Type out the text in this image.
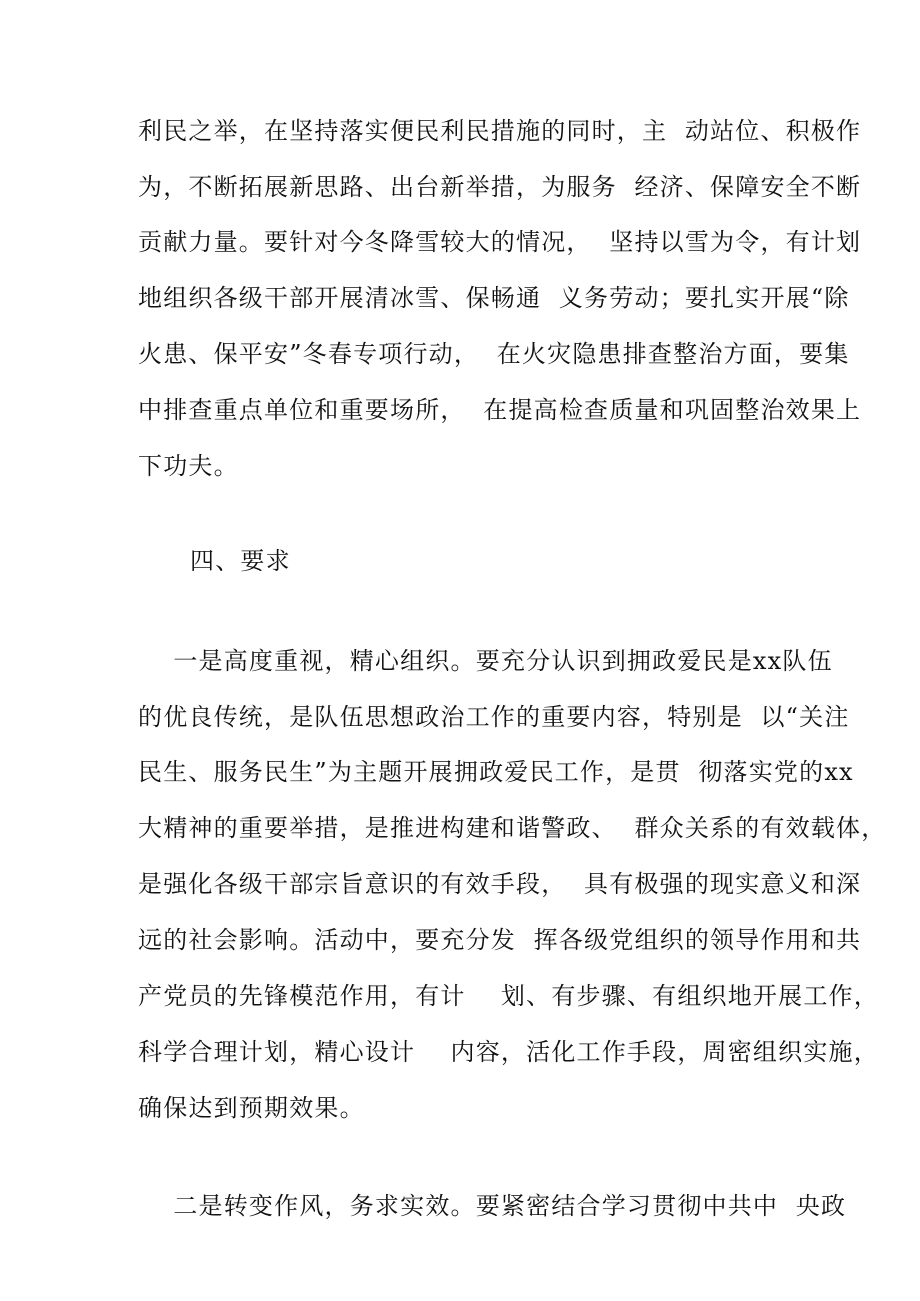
利民之举，在坚持落实便民利民措施的同时，主  动站位、积极作

为，不断拓展新思路、出台新举措，为服务  经济、保障安全不断

贡献力量。要针对今冬降雪较大的情况，  坚持以雪为令，有计划

地组织各级干部开展清冰雪、保畅通  义务劳动；要扎实开展“除

火患、保平安”冬春专项行动，  在火灾隐患排查整治方面，要集

中排查重点单位和重要场所，  在提高检查质量和巩固整治效果上

下功夫。

四、要求

一是高度重视，精心组织。要充分认识到拥政爱民是xx队伍

的优良传统，是队伍思想政治工作的重要内容，特别是  以“关注

民生、服务民生”为主题开展拥政爱民工作，是贯  彻落实党的xx

大精神的重要举措，是推进构建和谐警政、  群众关系的有效载体，

是强化各级干部宗旨意识的有效手段，  具有极强的现实意义和深

远的社会影响。活动中，要充分发  挥各级党组织的领导作用和共

产党员的先锋模范作用，有计    划、有步骤、有组织地开展工作，

科学合理计划，精心设计    内容，活化工作手段，周密组织实施，

确保达到预期效果。

二是转变作风，务求实效。要紧密结合学习贯彻中共中  央政
